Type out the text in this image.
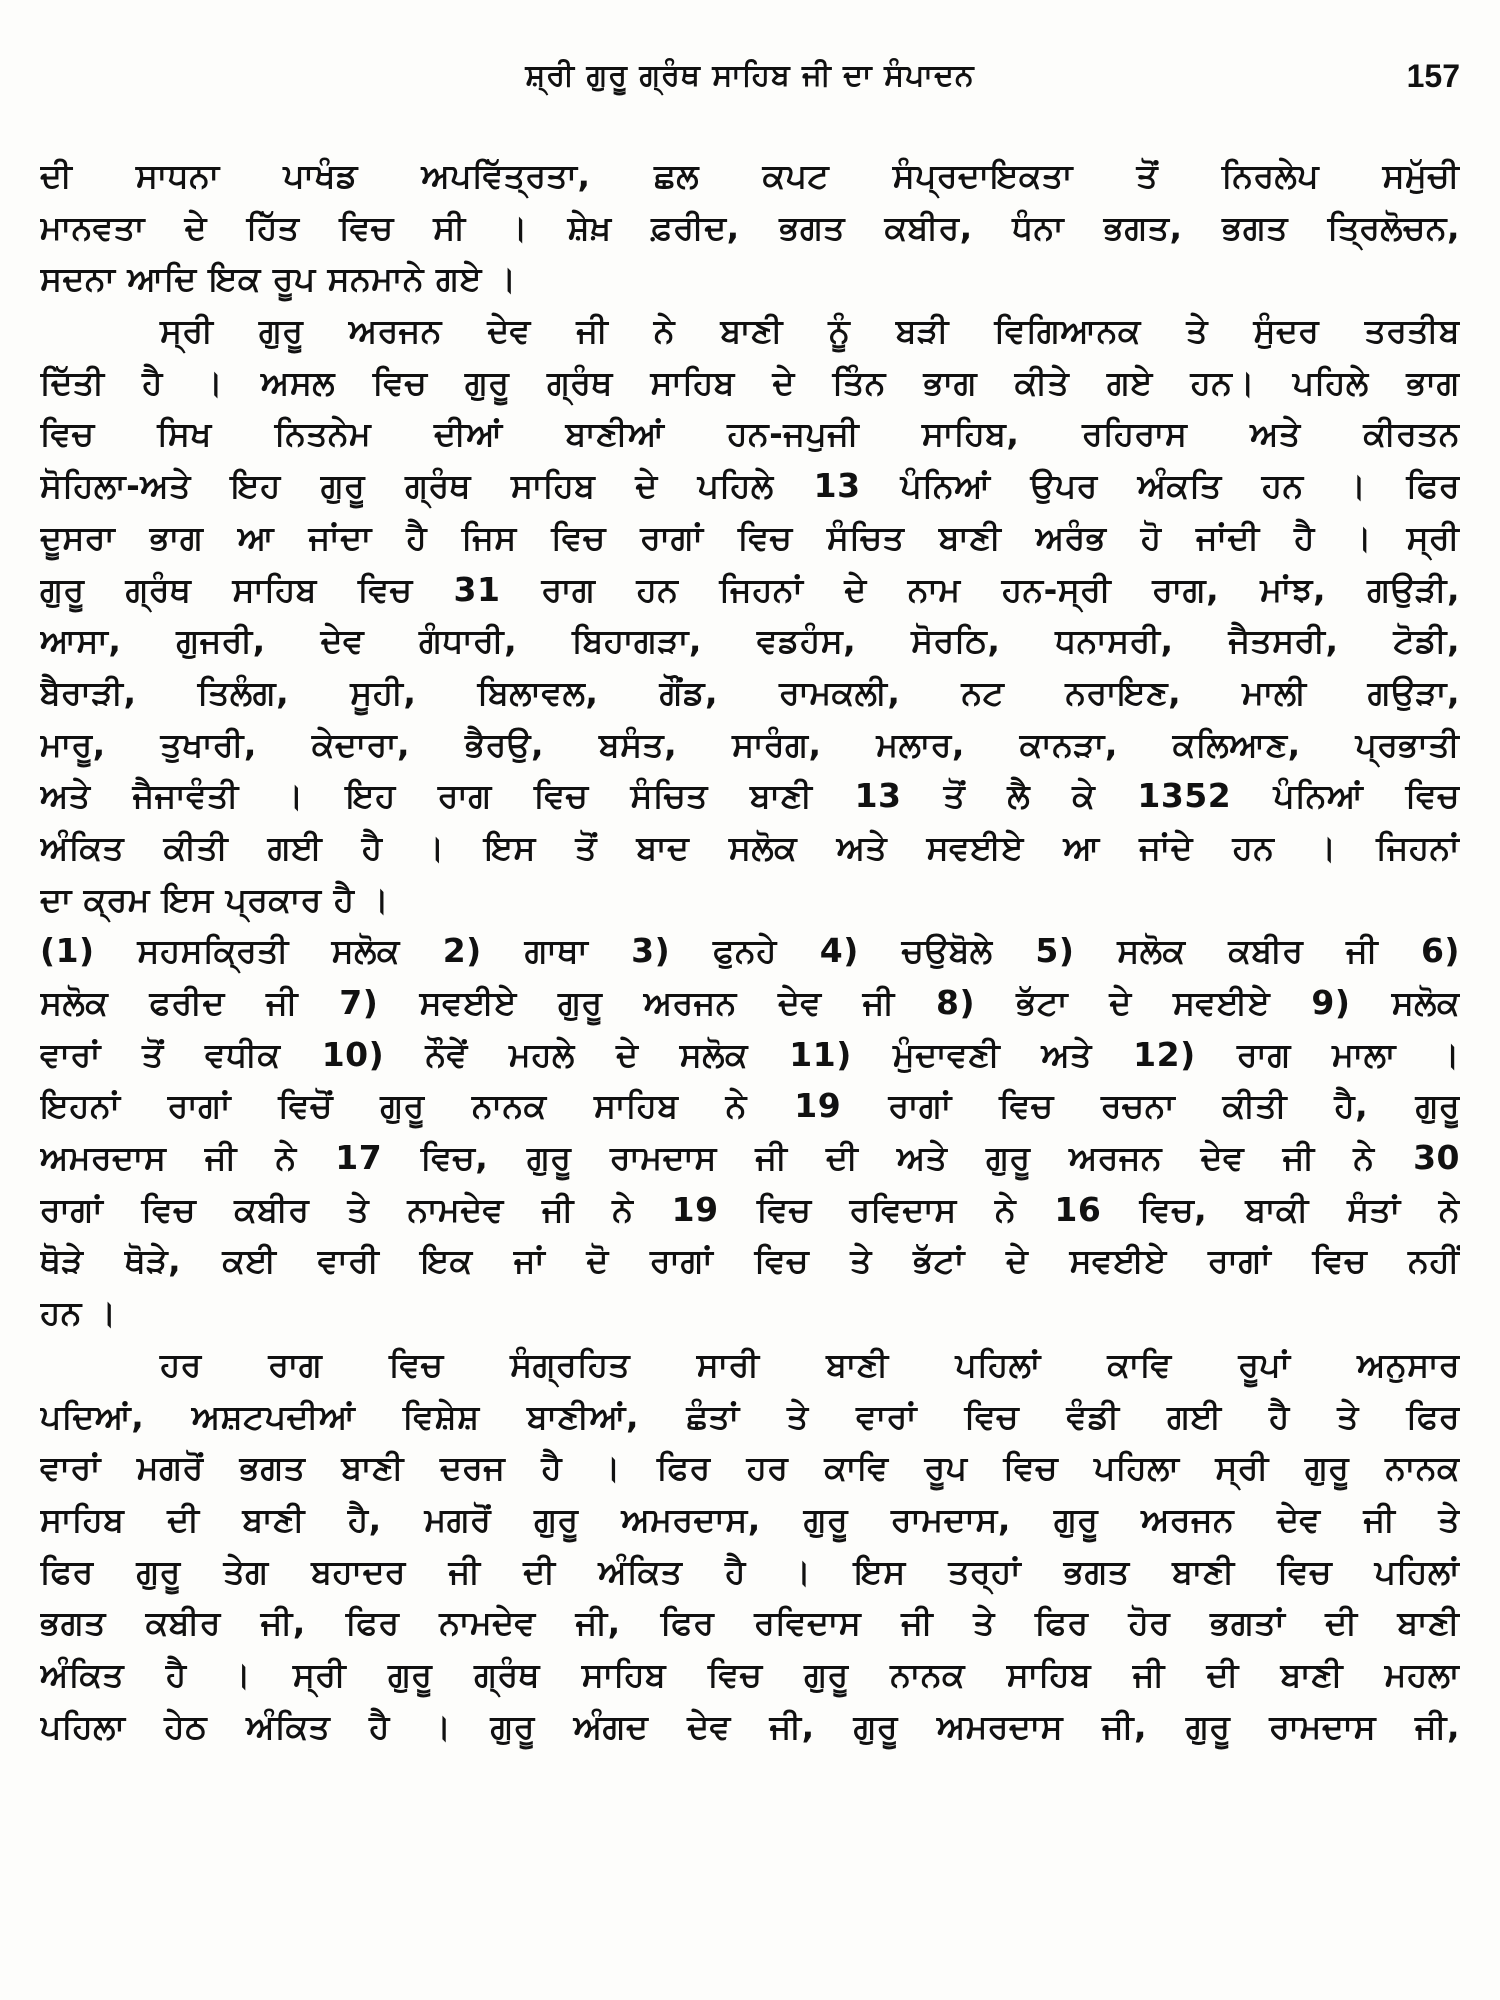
ਸ਼੍ਰੀ ਗੁਰੂ ਗ੍ਰੰਥ ਸਾਹਿਬ ਜੀ ਦਾ ਸੰਪਾਦਨ	157
ਦੀ ਸਾਧਨਾ ਪਾਖੰਡ ਅਪਵਿੱਤ੍ਰਤਾ, ਛਲ ਕਪਟ ਸੰਪ੍ਰਦਾਇਕਤਾ ਤੋਂ ਨਿਰਲੇਪ ਸਮੁੱਚੀ
ਮਾਨਵਤਾ ਦੇ ਹਿੱਤ ਵਿਚ ਸੀ । ਸ਼ੇਖ਼ ਫ਼ਰੀਦ, ਭਗਤ ਕਬੀਰ, ਧੰਨਾ ਭਗਤ, ਭਗਤ ਤ੍ਰਿਲੋਚਨ,
ਸਦਨਾ ਆਦਿ ਇਕ ਰੂਪ ਸਨਮਾਨੇ ਗਏ ।
ਸ੍ਰੀ ਗੁਰੂ ਅਰਜਨ ਦੇਵ ਜੀ ਨੇ ਬਾਣੀ ਨੂੰ ਬੜੀ ਵਿਗਿਆਨਕ ਤੇ ਸੁੰਦਰ ਤਰਤੀਬ
ਦਿੱਤੀ ਹੈ । ਅਸਲ ਵਿਚ ਗੁਰੂ ਗ੍ਰੰਥ ਸਾਹਿਬ ਦੇ ਤਿੰਨ ਭਾਗ ਕੀਤੇ ਗਏ ਹਨ। ਪਹਿਲੇ ਭਾਗ
ਵਿਚ ਸਿਖ ਨਿਤਨੇਮ ਦੀਆਂ ਬਾਣੀਆਂ ਹਨ-ਜਪੁਜੀ ਸਾਹਿਬ, ਰਹਿਰਾਸ ਅਤੇ ਕੀਰਤਨ
ਸੋਹਿਲਾ-ਅਤੇ ਇਹ ਗੁਰੂ ਗ੍ਰੰਥ ਸਾਹਿਬ ਦੇ ਪਹਿਲੇ 13 ਪੰਨਿਆਂ ਉਪਰ ਅੰਕਤਿ ਹਨ । ਫਿਰ
ਦੂਸਰਾ ਭਾਗ ਆ ਜਾਂਦਾ ਹੈ ਜਿਸ ਵਿਚ ਰਾਗਾਂ ਵਿਚ ਸੰਚਿਤ ਬਾਣੀ ਅਰੰਭ ਹੋ ਜਾਂਦੀ ਹੈ । ਸ੍ਰੀ
ਗੁਰੂ ਗ੍ਰੰਥ ਸਾਹਿਬ ਵਿਚ 31 ਰਾਗ ਹਨ ਜਿਹਨਾਂ ਦੇ ਨਾਮ ਹਨ-ਸ੍ਰੀ ਰਾਗ, ਮਾਂਝ, ਗਉੜੀ,
ਆਸਾ, ਗੁਜਰੀ, ਦੇਵ ਗੰਧਾਰੀ, ਬਿਹਾਗੜਾ, ਵਡਹੰਸ, ਸੋਰਠਿ, ਧਨਾਸਰੀ, ਜੈਤਸਰੀ, ਟੋਡੀ,
ਬੈਰਾੜੀ, ਤਿਲੰਗ, ਸੂਹੀ, ਬਿਲਾਵਲ, ਗੌਂਡ, ਰਾਮਕਲੀ, ਨਟ ਨਰਾਇਣ, ਮਾਲੀ ਗਉੜਾ,
ਮਾਰੂ, ਤੁਖਾਰੀ, ਕੇਦਾਰਾ, ਭੈਰਉ, ਬਸੰਤ, ਸਾਰੰਗ, ਮਲਾਰ, ਕਾਨੜਾ, ਕਲਿਆਣ, ਪ੍ਰਭਾਤੀ
ਅਤੇ ਜੈਜਾਵੰਤੀ । ਇਹ ਰਾਗ ਵਿਚ ਸੰਚਿਤ ਬਾਣੀ 13 ਤੋਂ ਲੈ ਕੇ 1352 ਪੰਨਿਆਂ ਵਿਚ
ਅੰਕਿਤ ਕੀਤੀ ਗਈ ਹੈ । ਇਸ ਤੋਂ ਬਾਦ ਸਲੋਕ ਅਤੇ ਸਵਈਏ ਆ ਜਾਂਦੇ ਹਨ । ਜਿਹਨਾਂ
ਦਾ ਕ੍ਰਮ ਇਸ ਪ੍ਰਕਾਰ ਹੈ ।
(1) ਸਹਸਕ੍ਰਿਤੀ ਸਲੋਕ 2) ਗਾਥਾ 3) ਫੁਨਹੇ 4) ਚਉਬੋਲੇ 5) ਸਲੋਕ ਕਬੀਰ ਜੀ 6)
ਸਲੋਕ ਫਰੀਦ ਜੀ 7) ਸਵਈਏ ਗੁਰੂ ਅਰਜਨ ਦੇਵ ਜੀ 8) ਭੱਟਾ ਦੇ ਸਵਈਏ 9) ਸਲੋਕ
ਵਾਰਾਂ ਤੋਂ ਵਧੀਕ 10) ਨੌਵੇਂ ਮਹਲੇ ਦੇ ਸਲੋਕ 11) ਮੁੰਦਾਵਣੀ ਅਤੇ 12) ਰਾਗ ਮਾਲਾ ।
ਇਹਨਾਂ ਰਾਗਾਂ ਵਿਚੋਂ ਗੁਰੂ ਨਾਨਕ ਸਾਹਿਬ ਨੇ 19 ਰਾਗਾਂ ਵਿਚ ਰਚਨਾ ਕੀਤੀ ਹੈ, ਗੁਰੂ
ਅਮਰਦਾਸ ਜੀ ਨੇ 17 ਵਿਚ, ਗੁਰੂ ਰਾਮਦਾਸ ਜੀ ਦੀ ਅਤੇ ਗੁਰੂ ਅਰਜਨ ਦੇਵ ਜੀ ਨੇ 30
ਰਾਗਾਂ ਵਿਚ ਕਬੀਰ ਤੇ ਨਾਮਦੇਵ ਜੀ ਨੇ 19 ਵਿਚ ਰਵਿਦਾਸ ਨੇ 16 ਵਿਚ, ਬਾਕੀ ਸੰਤਾਂ ਨੇ
ਥੋੜੇ ਥੋੜੇ, ਕਈ ਵਾਰੀ ਇਕ ਜਾਂ ਦੋ ਰਾਗਾਂ ਵਿਚ ਤੇ ਭੱਟਾਂ ਦੇ ਸਵਈਏ ਰਾਗਾਂ ਵਿਚ ਨਹੀਂ
ਹਨ ।
ਹਰ ਰਾਗ ਵਿਚ ਸੰਗ੍ਰਹਿਤ ਸਾਰੀ ਬਾਣੀ ਪਹਿਲਾਂ ਕਾਵਿ ਰੂਪਾਂ ਅਨੁਸਾਰ
ਪਦਿਆਂ, ਅਸ਼ਟਪਦੀਆਂ ਵਿਸ਼ੇਸ਼ ਬਾਣੀਆਂ, ਛੰਤਾਂ ਤੇ ਵਾਰਾਂ ਵਿਚ ਵੰਡੀ ਗਈ ਹੈ ਤੇ ਫਿਰ
ਵਾਰਾਂ ਮਗਰੋਂ ਭਗਤ ਬਾਣੀ ਦਰਜ ਹੈ । ਫਿਰ ਹਰ ਕਾਵਿ ਰੂਪ ਵਿਚ ਪਹਿਲਾ ਸ੍ਰੀ ਗੁਰੂ ਨਾਨਕ
ਸਾਹਿਬ ਦੀ ਬਾਣੀ ਹੈ, ਮਗਰੋਂ ਗੁਰੂ ਅਮਰਦਾਸ, ਗੁਰੂ ਰਾਮਦਾਸ, ਗੁਰੂ ਅਰਜਨ ਦੇਵ ਜੀ ਤੇ
ਫਿਰ ਗੁਰੂ ਤੇਗ ਬਹਾਦਰ ਜੀ ਦੀ ਅੰਕਿਤ ਹੈ । ਇਸ ਤਰ੍ਹਾਂ ਭਗਤ ਬਾਣੀ ਵਿਚ ਪਹਿਲਾਂ
ਭਗਤ ਕਬੀਰ ਜੀ, ਫਿਰ ਨਾਮਦੇਵ ਜੀ, ਫਿਰ ਰਵਿਦਾਸ ਜੀ ਤੇ ਫਿਰ ਹੋਰ ਭਗਤਾਂ ਦੀ ਬਾਣੀ
ਅੰਕਿਤ ਹੈ । ਸ੍ਰੀ ਗੁਰੂ ਗ੍ਰੰਥ ਸਾਹਿਬ ਵਿਚ ਗੁਰੂ ਨਾਨਕ ਸਾਹਿਬ ਜੀ ਦੀ ਬਾਣੀ ਮਹਲਾ
ਪਹਿਲਾ ਹੇਠ ਅੰਕਿਤ ਹੈ । ਗੁਰੂ ਅੰਗਦ ਦੇਵ ਜੀ, ਗੁਰੂ ਅਮਰਦਾਸ ਜੀ, ਗੁਰੂ ਰਾਮਦਾਸ ਜੀ,
